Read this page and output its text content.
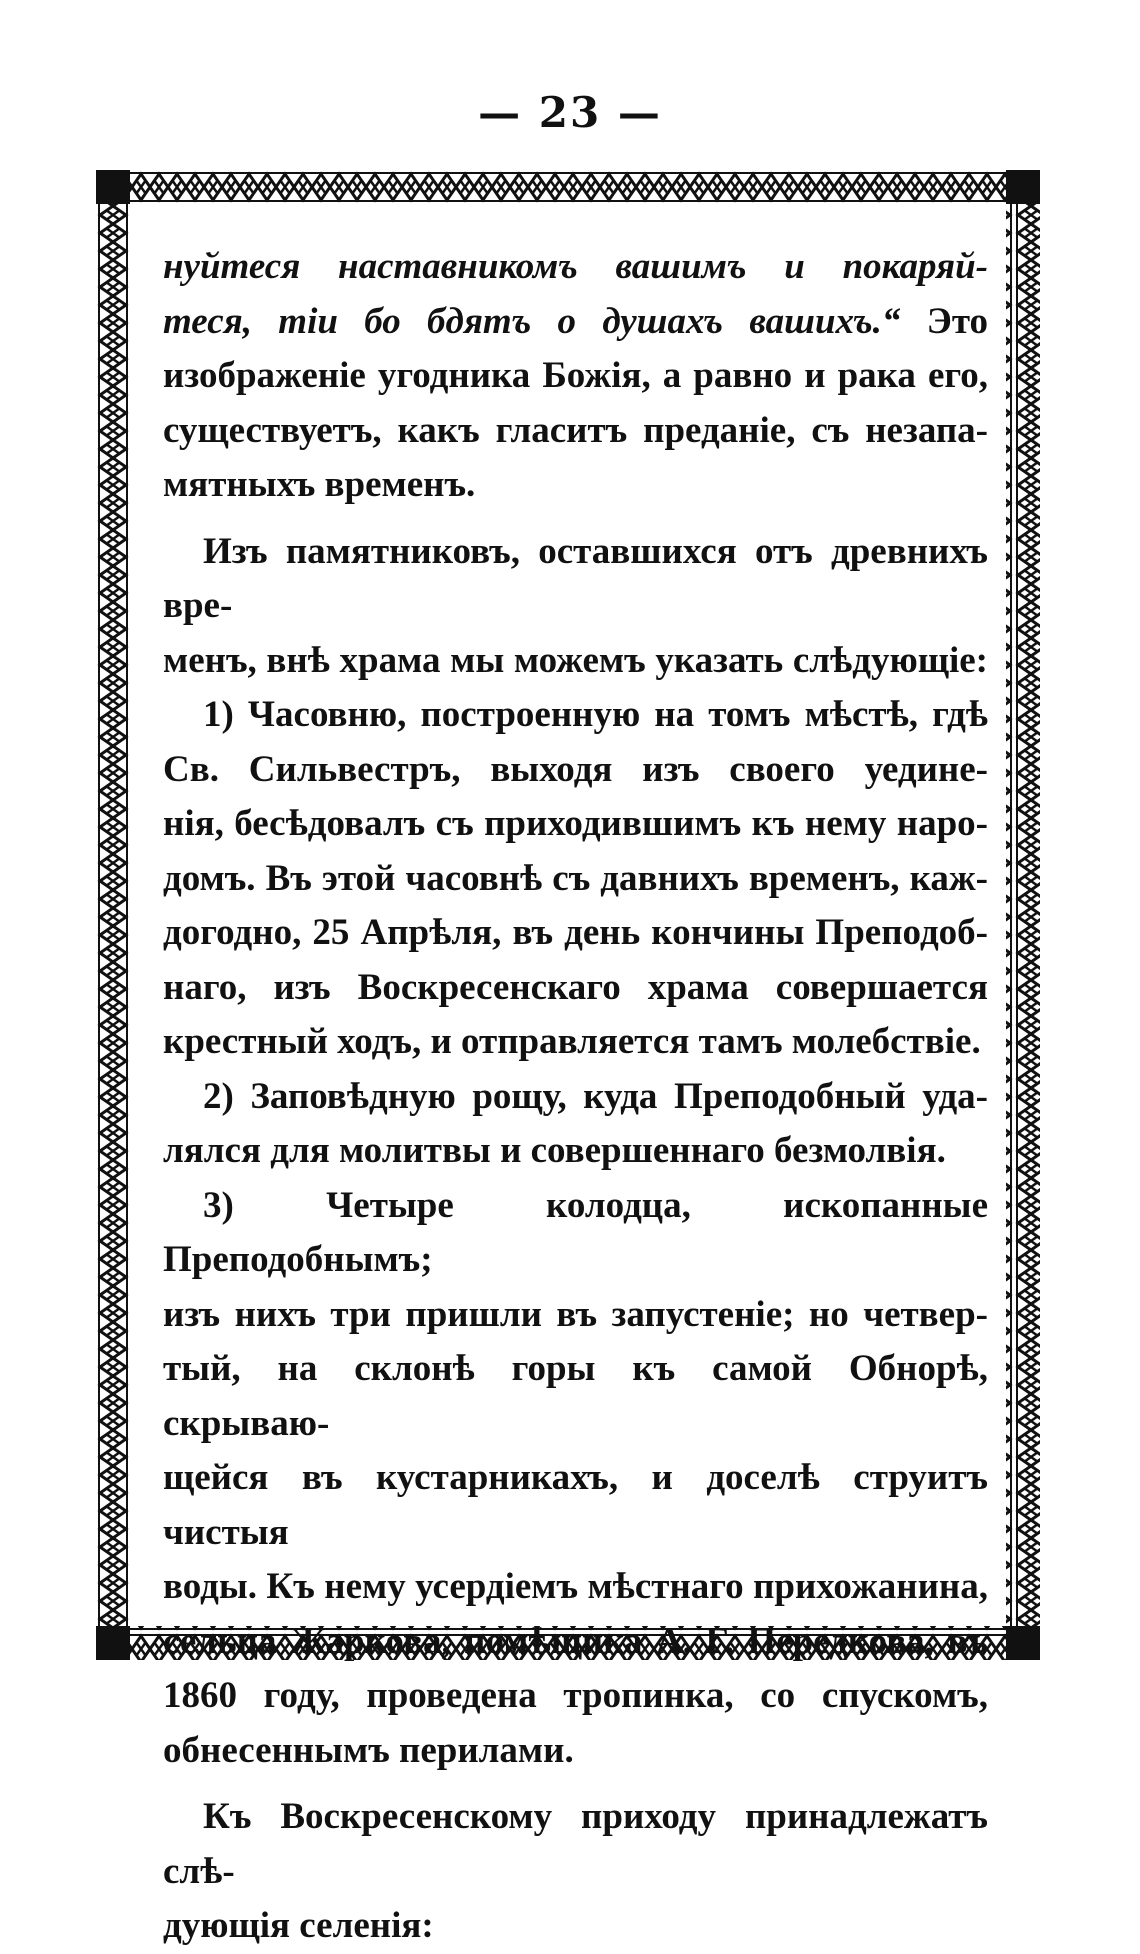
— 23 —

нуйтеся наставникомъ вашимъ и покаряй-

теся, тіи бо бдятъ о душахъ вашихъ.“ Это

изображеніе угодника Божія, а равно и рака его,

существуетъ, какъ гласитъ преданіе, съ незапа-

мятныхъ временъ.

Изъ памятниковъ, оставшихся отъ древнихъ вре-

менъ, внѣ храма мы можемъ указать слѣдующіе:

1) Часовню, построенную на томъ мѣстѣ, гдѣ

Св. Сильвестръ, выходя изъ своего уедине-

нія, бесѣдовалъ съ приходившимъ къ нему наро-

домъ. Въ этой часовнѣ съ давнихъ временъ, каж-

догодно, 25 Апрѣля, въ день кончины Преподоб-

наго, изъ Воскресенскаго храма совершается

крестный ходъ, и отправляется тамъ молебствіе.

2) Заповѣдную рощу, куда Преподобный уда-

лялся для молитвы и совершеннаго безмолвія.

3) Четыре колодца, ископанные Преподобнымъ;

изъ нихъ три пришли въ запустеніе; но четвер-

тый, на склонѣ горы къ самой Обнорѣ, скрываю-

щейся въ кустарникахъ, и доселѣ струитъ чистыя

воды. Къ нему усердіемъ мѣстнаго прихожанина,

сельца Жаркова, помѣщика А. Г. Передкова, въ

1860 году, проведена тропинка, со спускомъ,

обнесеннымъ перилами.

Къ Воскресенскому приходу принадлежатъ слѣ-

дующія селенія:
